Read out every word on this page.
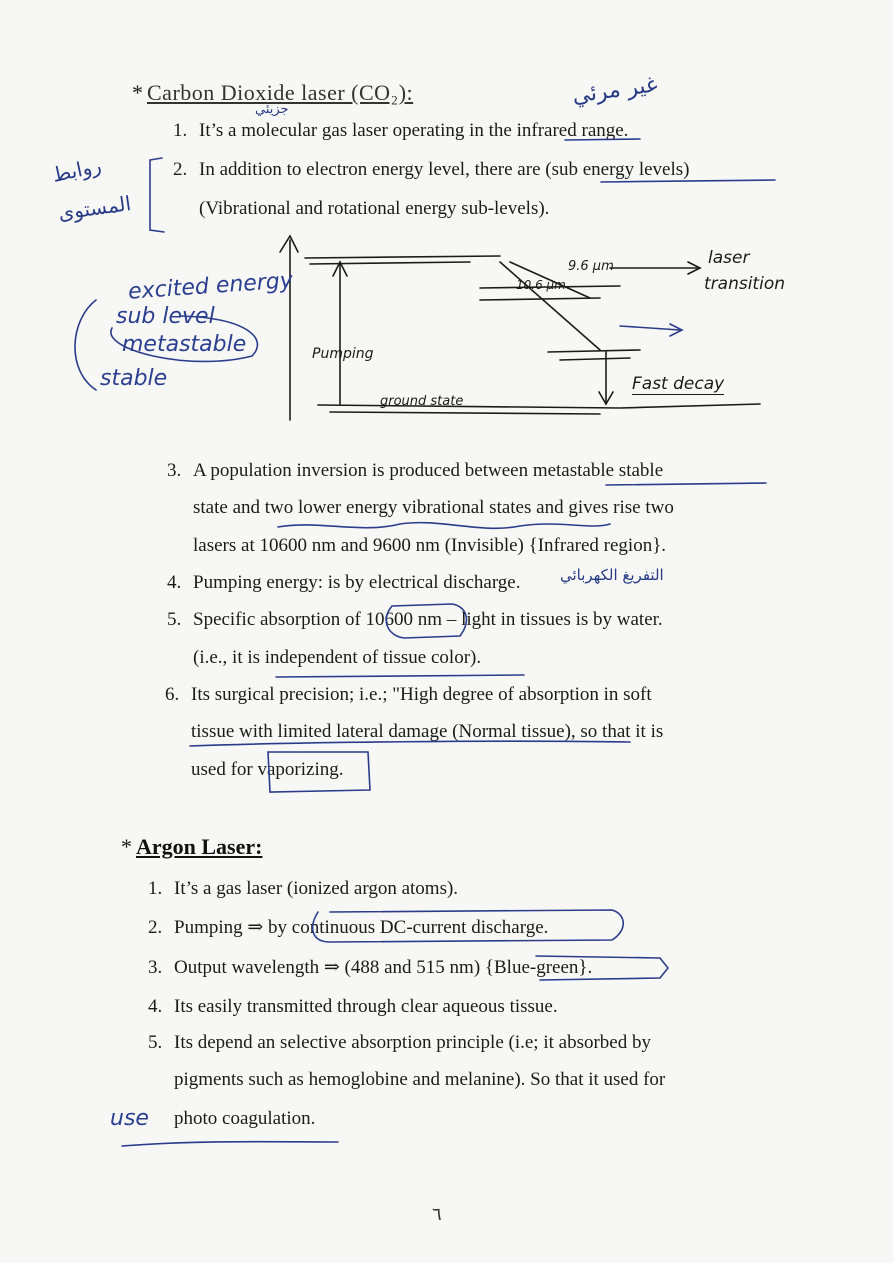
* Carbon Dioxide laser (CO₂):	غير مرئي
جزيئي
1. It’s a molecular gas laser operating in the infrared range.
2. In addition to electron energy level, there are (sub energy levels)
(Vibrational and rotational energy sub-levels).
روابط
المستوى
excited energy
sub level
metastable
stable
Pumping
ground state
9.6 μm
10.6 μm
laser
transition
Fast decay
3. A population inversion is produced between metastable stable
state and two lower energy vibrational states and gives rise two
lasers at 10600 nm and 9600 nm (Invisible) {Infrared region}.
4. Pumping energy: is by electrical discharge.	التفريغ الكهربائي
5. Specific absorption of 10600 nm – light in tissues is by water.
(i.e., it is independent of tissue color).
6. Its surgical precision; i.e.; "High degree of absorption in soft
tissue with limited lateral damage (Normal tissue), so that it is
used for vaporizing.
* Argon Laser:
1. It’s a gas laser (ionized argon atoms).
2. Pumping ⇒ by continuous DC-current discharge.
3. Output wavelength ⇒ (488 and 515 nm) {Blue-green}.
4. Its easily transmitted through clear aqueous tissue.
5. Its depend an selective absorption principle (i.e; it absorbed by
pigments such as hemoglobine and melanine). So that it used for
photo coagulation.
use
٦
